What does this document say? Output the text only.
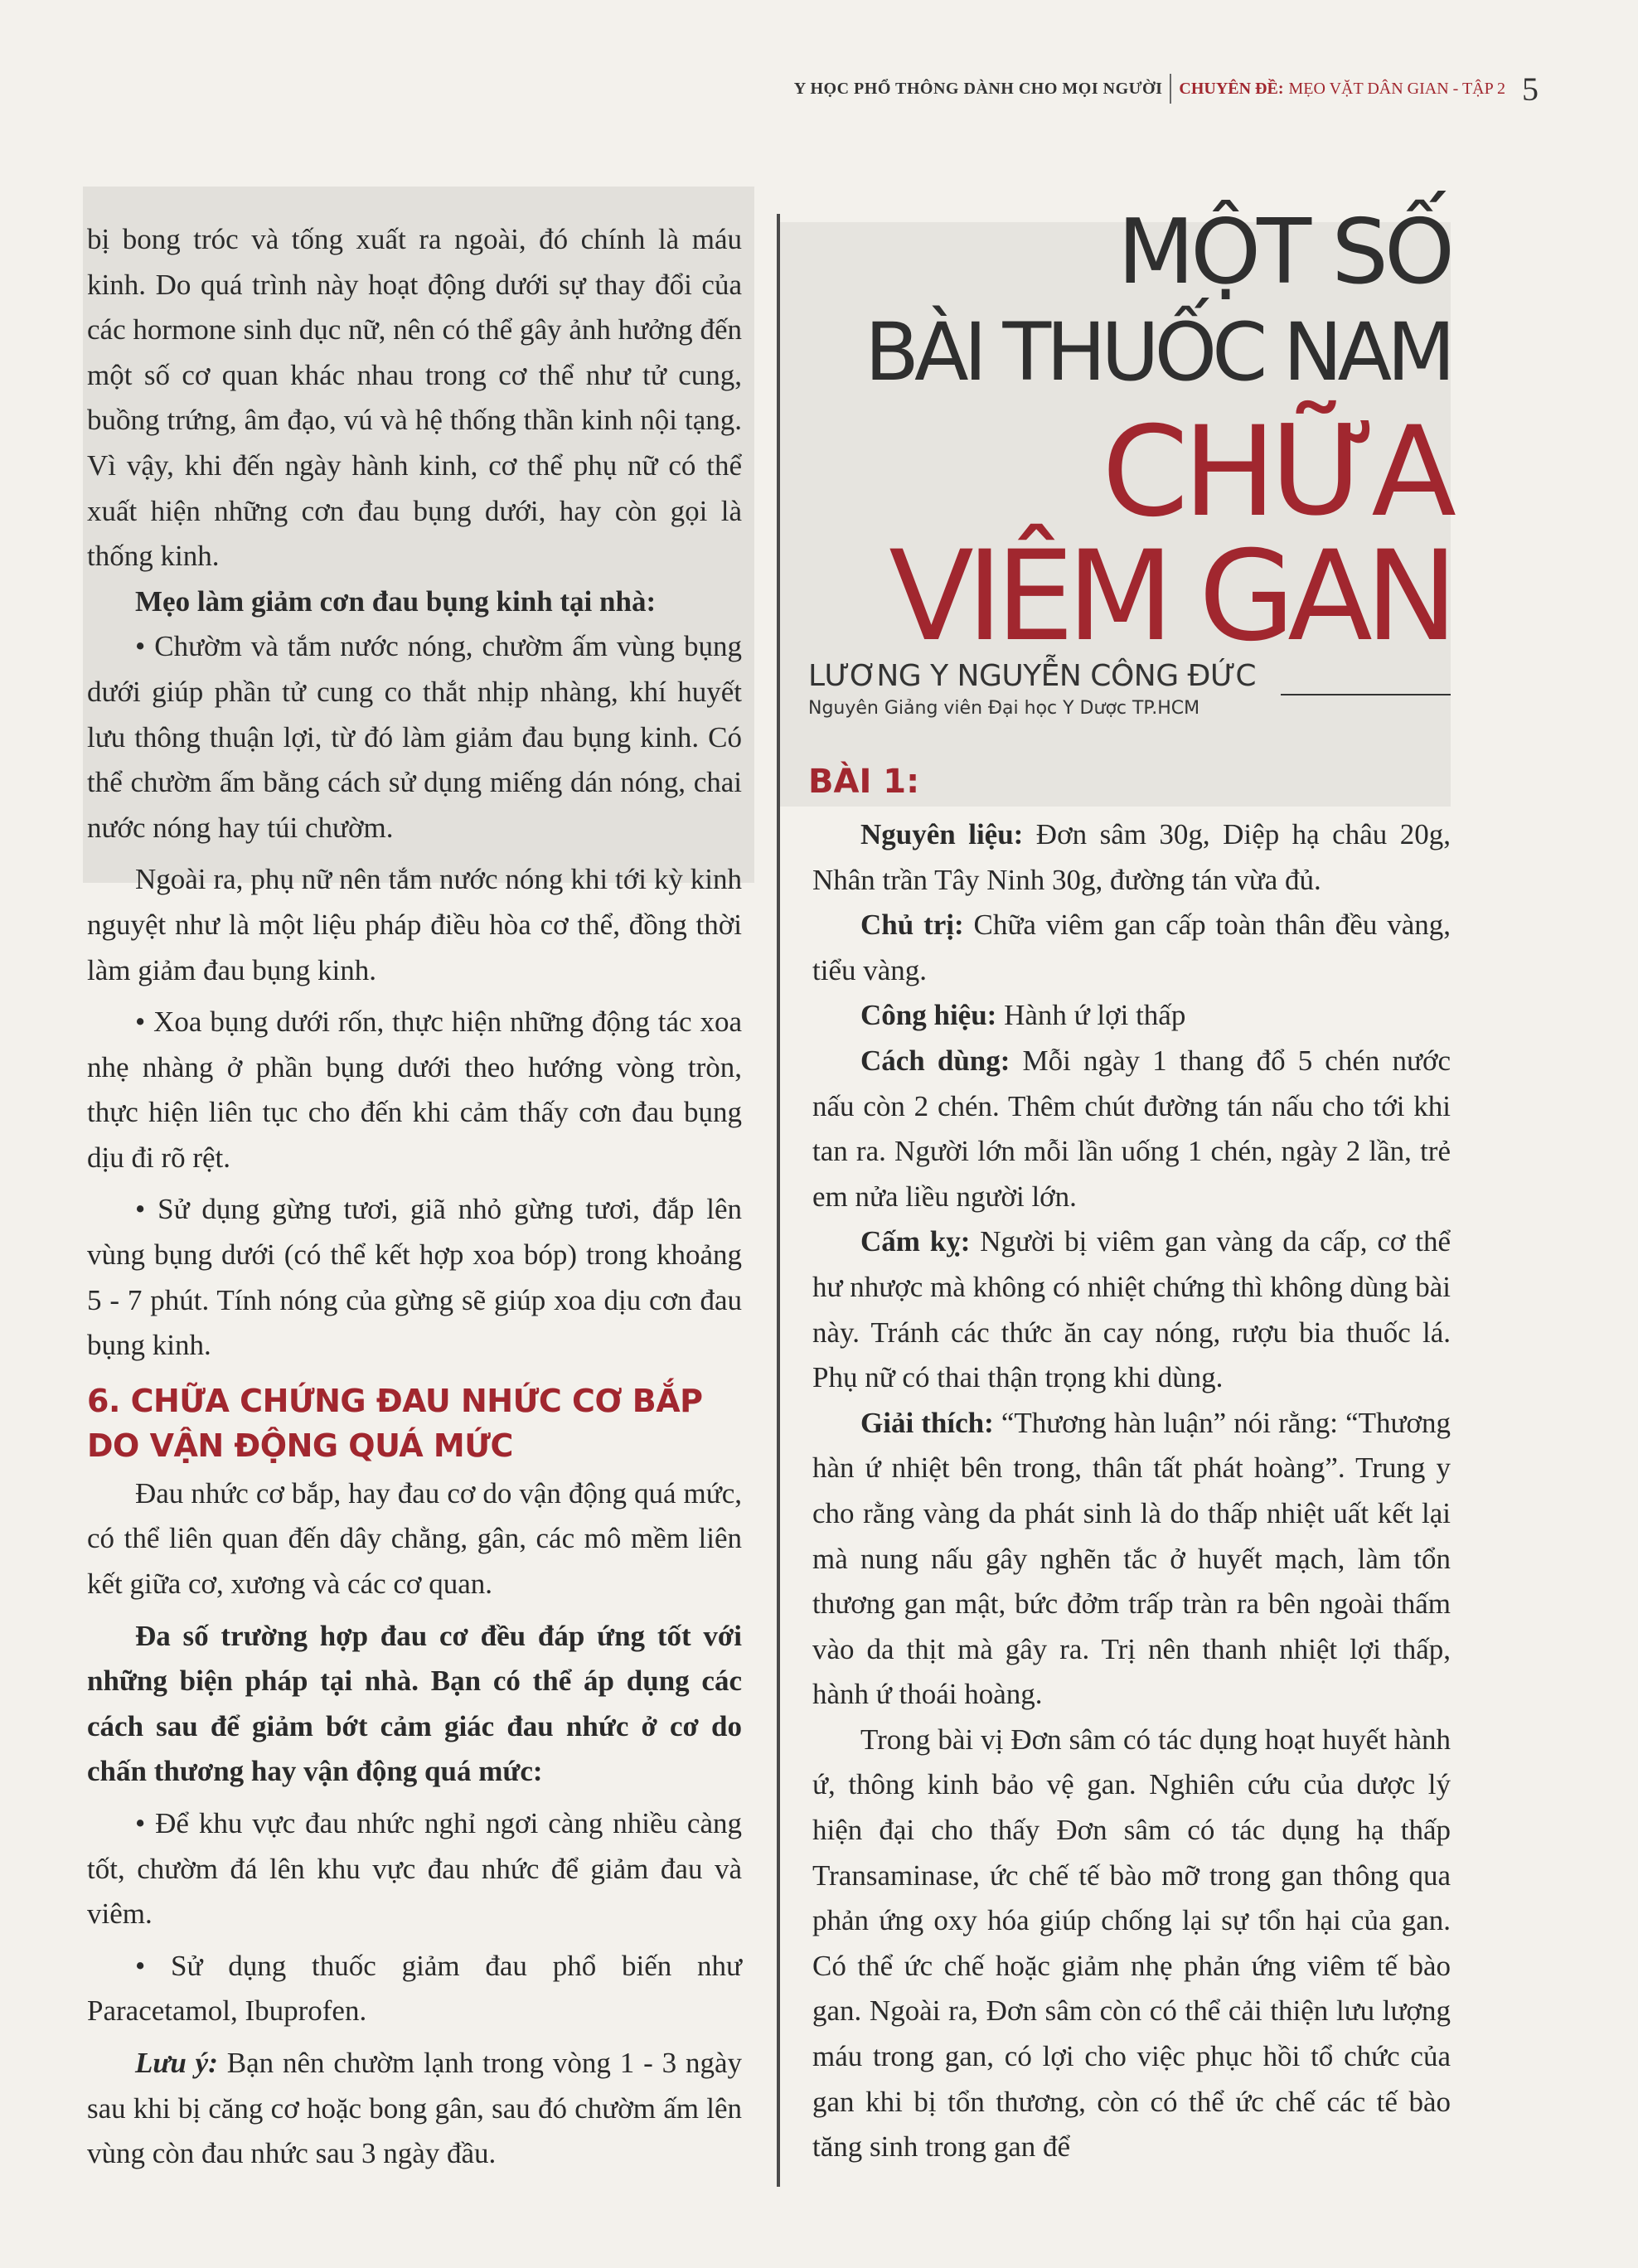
Y HỌC PHỔ THÔNG DÀNH CHO MỌI NGƯỜI CHUYÊN ĐỀ: MẸO VẶT DÂN GIAN - TẬP 2 5

bị bong tróc và tống xuất ra ngoài, đó chính là máu kinh. Do quá trình này hoạt động dưới sự thay đổi của các hormone sinh dục nữ, nên có thể gây ảnh hưởng đến một số cơ quan khác nhau trong cơ thể như tử cung, buồng trứng, âm đạo, vú và hệ thống thần kinh nội tạng. Vì vậy, khi đến ngày hành kinh, cơ thể phụ nữ có thể xuất hiện những cơn đau bụng dưới, hay còn gọi là thống kinh.

Mẹo làm giảm cơn đau bụng kinh tại nhà:

• Chườm và tắm nước nóng, chườm ấm vùng bụng dưới giúp phần tử cung co thắt nhịp nhàng, khí huyết lưu thông thuận lợi, từ đó làm giảm đau bụng kinh. Có thể chườm ấm bằng cách sử dụng miếng dán nóng, chai nước nóng hay túi chườm.

Ngoài ra, phụ nữ nên tắm nước nóng khi tới kỳ kinh nguyệt như là một liệu pháp điều hòa cơ thể, đồng thời làm giảm đau bụng kinh.

• Xoa bụng dưới rốn, thực hiện những động tác xoa nhẹ nhàng ở phần bụng dưới theo hướng vòng tròn, thực hiện liên tục cho đến khi cảm thấy cơn đau bụng dịu đi rõ rệt.

• Sử dụng gừng tươi, giã nhỏ gừng tươi, đắp lên vùng bụng dưới (có thể kết hợp xoa bóp) trong khoảng 5 - 7 phút. Tính nóng của gừng sẽ giúp xoa dịu cơn đau bụng kinh.

6. CHỮA CHỨNG ĐAU NHỨC CƠ BẮP DO VẬN ĐỘNG QUÁ MỨC

Đau nhức cơ bắp, hay đau cơ do vận động quá mức, có thể liên quan đến dây chằng, gân, các mô mềm liên kết giữa cơ, xương và các cơ quan.

Đa số trường hợp đau cơ đều đáp ứng tốt với những biện pháp tại nhà. Bạn có thể áp dụng các cách sau để giảm bớt cảm giác đau nhức ở cơ do chấn thương hay vận động quá mức:

• Để khu vực đau nhức nghỉ ngơi càng nhiều càng tốt, chườm đá lên khu vực đau nhức để giảm đau và viêm.

• Sử dụng thuốc giảm đau phổ biến như Paracetamol, Ibuprofen.

Lưu ý: Bạn nên chườm lạnh trong vòng 1 - 3 ngày sau khi bị căng cơ hoặc bong gân, sau đó chườm ấm lên vùng còn đau nhức sau 3 ngày đầu.

MỘT SỐ
BÀI THUỐC NAM
CHỮA
VIÊM GAN

LƯƠNG Y NGUYỄN CÔNG ĐỨC

Nguyên Giảng viên Đại học Y Dược TP.HCM

BÀI 1:

Nguyên liệu: Đơn sâm 30g, Diệp hạ châu 20g, Nhân trần Tây Ninh 30g, đường tán vừa đủ.

Chủ trị: Chữa viêm gan cấp toàn thân đều vàng, tiểu vàng.

Công hiệu: Hành ứ lợi thấp

Cách dùng: Mỗi ngày 1 thang đổ 5 chén nước nấu còn 2 chén. Thêm chút đường tán nấu cho tới khi tan ra. Người lớn mỗi lần uống 1 chén, ngày 2 lần, trẻ em nửa liều người lớn.

Cấm kỵ: Người bị viêm gan vàng da cấp, cơ thể hư nhược mà không có nhiệt chứng thì không dùng bài này. Tránh các thức ăn cay nóng, rượu bia thuốc lá. Phụ nữ có thai thận trọng khi dùng.

Giải thích: “Thương hàn luận” nói rằng: “Thương hàn ứ nhiệt bên trong, thân tất phát hoàng”. Trung y cho rằng vàng da phát sinh là do thấp nhiệt uất kết lại mà nung nấu gây nghẽn tắc ở huyết mạch, làm tổn thương gan mật, bức đởm trấp tràn ra bên ngoài thấm vào da thịt mà gây ra. Trị nên thanh nhiệt lợi thấp, hành ứ thoái hoàng.

Trong bài vị Đơn sâm có tác dụng hoạt huyết hành ứ, thông kinh bảo vệ gan. Nghiên cứu của dược lý hiện đại cho thấy Đơn sâm có tác dụng hạ thấp Transaminase, ức chế tế bào mỡ trong gan thông qua phản ứng oxy hóa giúp chống lại sự tổn hại của gan. Có thể ức chế hoặc giảm nhẹ phản ứng viêm tế bào gan. Ngoài ra, Đơn sâm còn có thể cải thiện lưu lượng máu trong gan, có lợi cho việc phục hồi tổ chức của gan khi bị tổn thương, còn có thể ức chế các tế bào tăng sinh trong gan để
